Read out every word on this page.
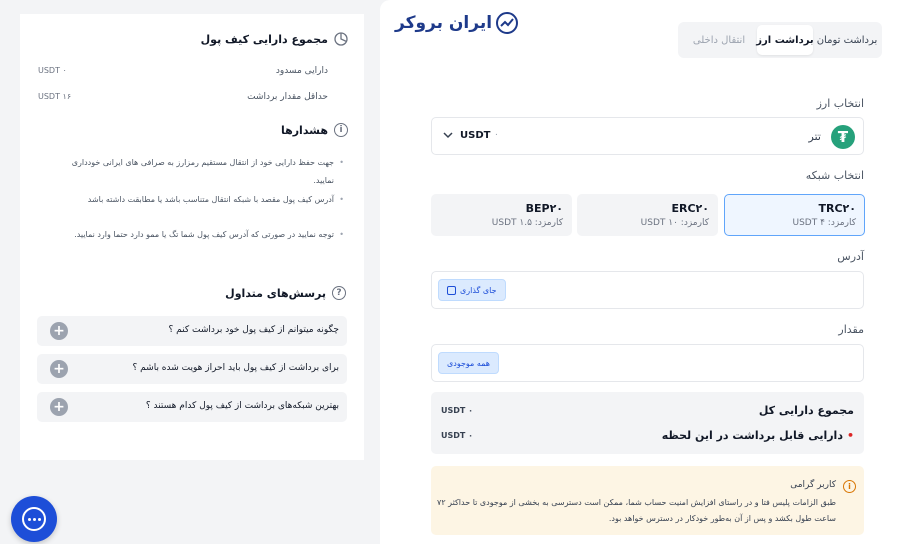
ایران بروکر
برداشت تومان
برداشت ارز
انتقال داخلی
انتخاب ارز
₮
تتر
USDT ۰
انتخاب شبکه
TRC۲۰
کارمزد: ۴ USDT
ERC۲۰
کارمزد: ۱۰ USDT
BEP۲۰
کارمزد: ۱.۵ USDT
آدرس
جای گذاری
مقدار
همه موجودی
مجموع دارایی کل
USDT ۰
•دارایی قابل برداشت در این لحظه
USDT ۰
i
کاربر گرامی
طبق الزامات پلیس فتا و در راستای افزایش امنیت حساب شما، ممکن است دسترسی به بخشی از موجودی تا حداکثر ۷۲ ساعت طول بکشد و پس از آن به‌طور خودکار در دسترس خواهد بود.
مجموع دارایی کیف پول
دارایی مسدود
USDT ۰
حداقل مقدار برداشت
USDT ۱۶
i
هشدارها
• جهت حفظ دارایی خود از انتقال مستقیم رمزارز به صرافی های ایرانی خودداری نمایید.
• آدرس کیف پول مقصد با شبکه انتقال متناسب باشد یا مطابقت داشته باشد
• توجه نمایید در صورتی که آدرس کیف پول شما تگ یا ممو دارد حتما وارد نمایید.
?
پرسش‌های متداول
چگونه میتوانم از کیف پول خود برداشت کنم ؟
+
برای برداشت از کیف پول باید احراز هویت شده باشم ؟
+
بهترین شبکه‌های برداشت از کیف پول کدام هستند ؟
+
